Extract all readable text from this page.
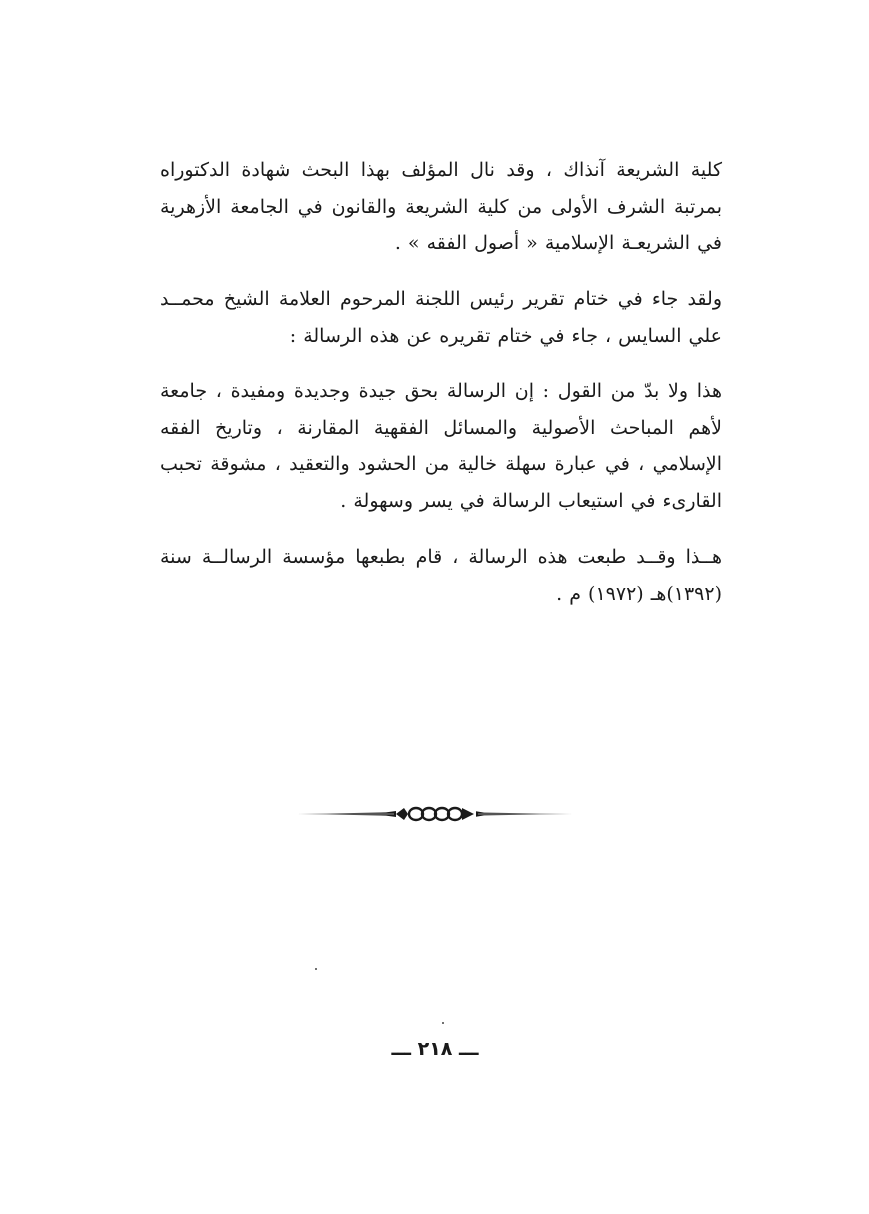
كلية الشريعة آنذاك ، وقد نال المؤلف بهذا البحث شهادة الدكتوراه بمرتبة الشرف الأولى من كلية الشريعة والقانون في الجامعة الأزهرية في الشريعـة الإسلامية « أصول الفقه » .

ولقد جاء في ختام تقرير رئيس اللجنة المرحوم العلامة الشيخ محمــد علي السايس ، جاء في ختام تقريره عن هذه الرسالة :

هذا ولا بدّ من القول : إن الرسالة بحق جيدة وجديدة ومفيدة ، جامعة لأهم المباحث الأصولية والمسائل الفقهية المقارنة ، وتاريخ الفقه الإسلامي ، في عبارة سهلة خالية من الحشود والتعقيد ، مشوقة تحبب القارىء في استيعاب الرسالة في يسر وسهولة .

هــذا وقــد طبعت هذه الرسالة ، قام بطبعها مؤسسة الرسالــة سنة (١٣٩٢)هـ (١٩٧٢) م .

ـــ ٢١٨ ـــ
